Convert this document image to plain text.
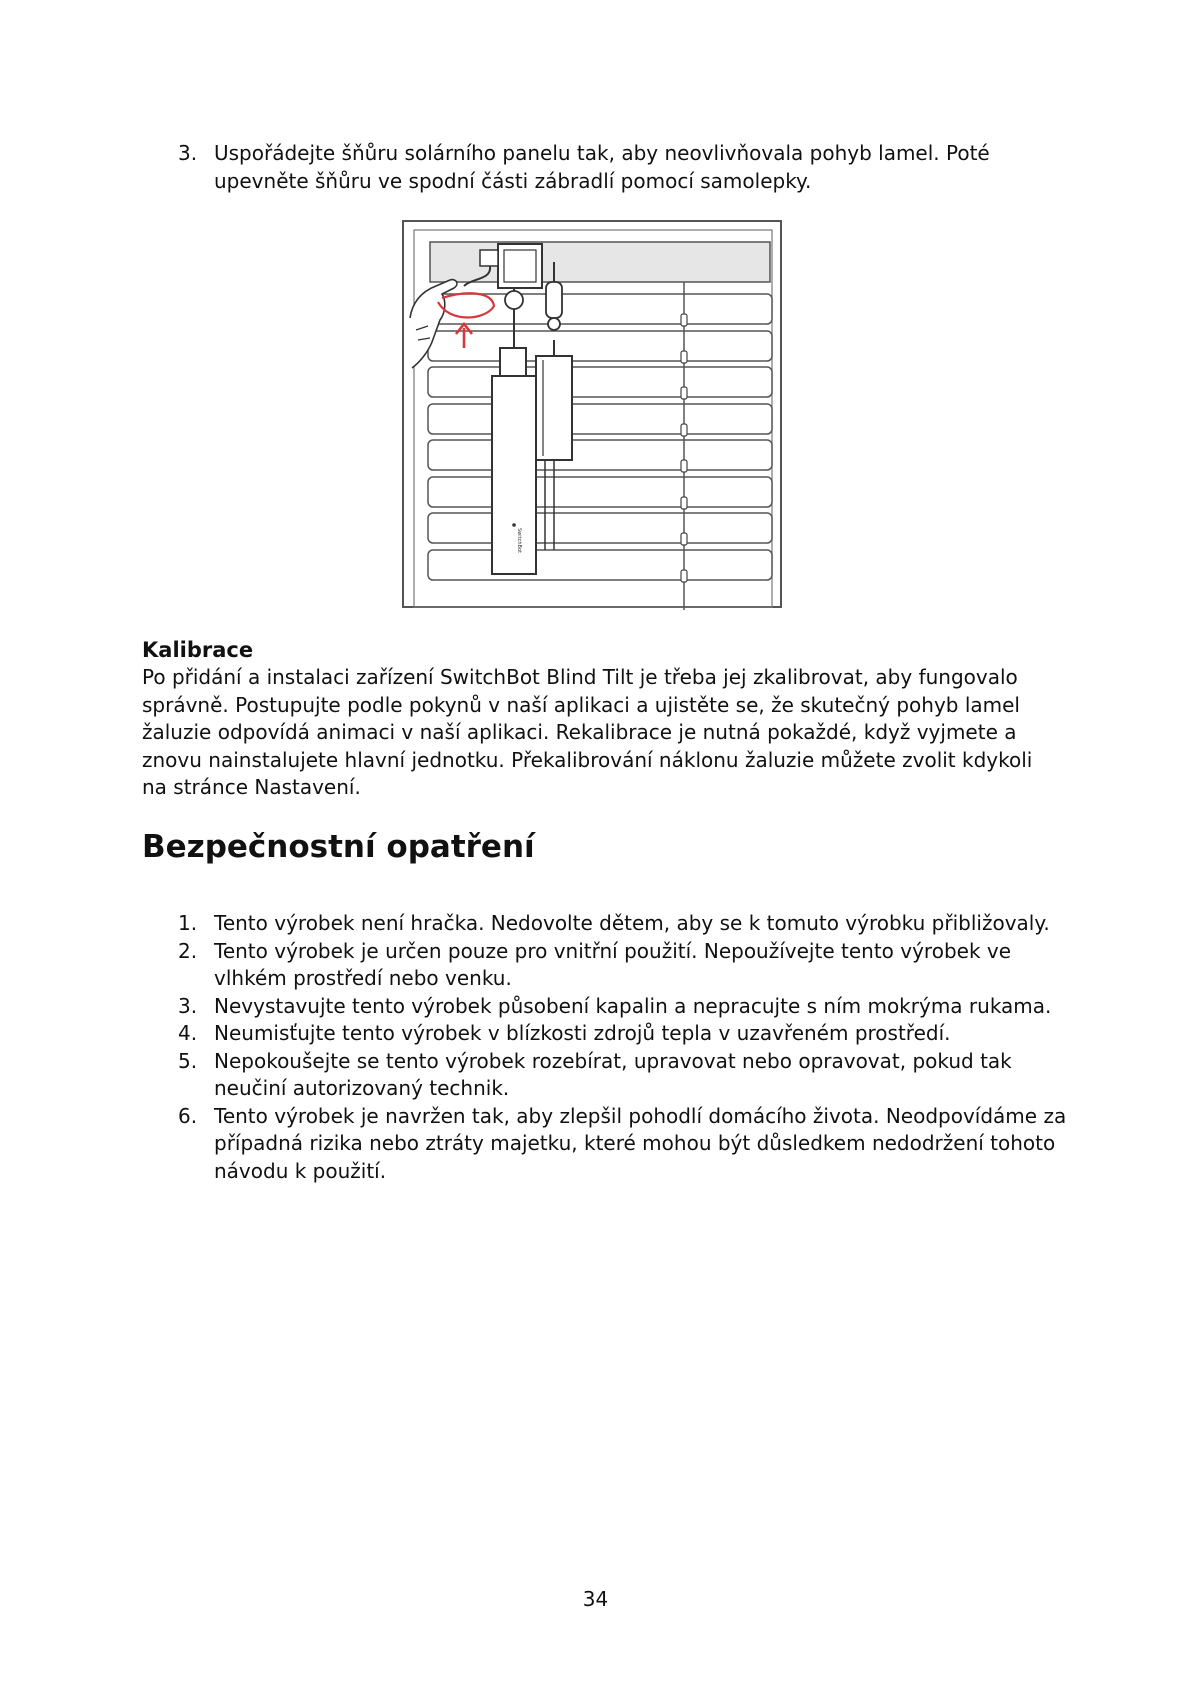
3. Uspořádejte šňůru solárního panelu tak, aby neovlivňovala pohyb lamel. Poté upevněte šňůru ve spodní části zábradlí pomocí samolepky.
SwitchBot

Kalibrace

Po přidání a instalaci zařízení SwitchBot Blind Tilt je třeba jej zkalibrovat, aby fungovalo správně. Postupujte podle pokynů v naší aplikaci a ujistěte se, že skutečný pohyb lamel žaluzie odpovídá animaci v naší aplikaci. Rekalibrace je nutná pokaždé, když vyjmete a znovu nainstalujete hlavní jednotku. Překalibrování náklonu žaluzie můžete zvolit kdykoli na stránce Nastavení.

Bezpečnostní opatření

1. Tento výrobek není hračka. Nedovolte dětem, aby se k tomuto výrobku přibližovaly.
2. Tento výrobek je určen pouze pro vnitřní použití. Nepoužívejte tento výrobek ve vlhkém prostředí nebo venku.
3. Nevystavujte tento výrobek působení kapalin a nepracujte s ním mokrýma rukama.
4. Neumisťujte tento výrobek v blízkosti zdrojů tepla v uzavřeném prostředí.
5. Nepokoušejte se tento výrobek rozebírat, upravovat nebo opravovat, pokud tak neučiní autorizovaný technik.
6. Tento výrobek je navržen tak, aby zlepšil pohodlí domácího života. Neodpovídáme za případná rizika nebo ztráty majetku, které mohou být důsledkem nedodržení tohoto návodu k použití.

34
